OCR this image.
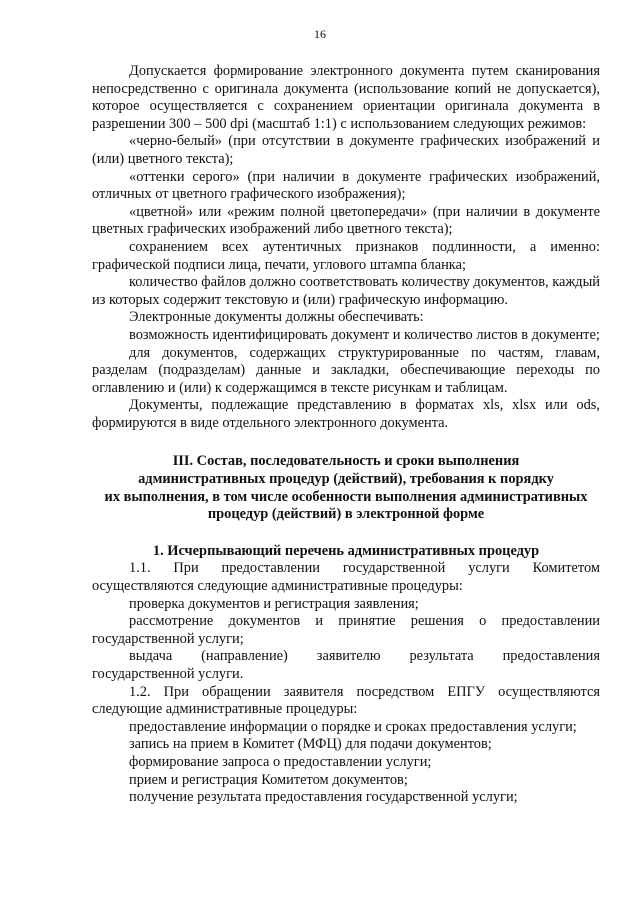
16

Допускается формирование электронного документа путем сканирования непосредственно с оригинала документа (использование копий не допускается), которое осуществляется с сохранением ориентации оригинала документа в разрешении 300 – 500 dpi (масштаб 1:1) с использованием следующих режимов:

«черно-белый» (при отсутствии в документе графических изображений и (или) цветного текста);

«оттенки серого» (при наличии в документе графических изображений, отличных от цветного графического изображения);

«цветной» или «режим полной цветопередачи» (при наличии в документе цветных графических изображений либо цветного текста);

сохранением всех аутентичных признаков подлинности, а именно: графической подписи лица, печати, углового штампа бланка;

количество файлов должно соответствовать количеству документов, каждый из которых содержит текстовую и (или) графическую информацию.

Электронные документы должны обеспечивать:

возможность идентифицировать документ и количество листов в документе;

для документов, содержащих структурированные по частям, главам, разделам (подразделам) данные и закладки, обеспечивающие переходы по оглавлению и (или) к содержащимся в тексте рисункам и таблицам.

Документы, подлежащие представлению в форматах xls, xlsx или ods, формируются в виде отдельного электронного документа.

III. Состав, последовательность и сроки выполнения
административных процедур (действий), требования к порядку
их выполнения, в том числе особенности выполнения административных
процедур (действий) в электронной форме
1. Исчерпывающий перечень административных процедур

1.1. При предоставлении государственной услуги Комитетом осуществляются следующие административные процедуры:

проверка документов и регистрация заявления;

рассмотрение документов и принятие решения о предоставлении государственной услуги;

выдача (направление) заявителю результата предоставления государственной услуги.

1.2. При обращении заявителя посредством ЕПГУ осуществляются следующие административные процедуры:

предоставление информации о порядке и сроках предоставления услуги;

запись на прием в Комитет (МФЦ) для подачи документов;

формирование запроса о предоставлении услуги;

прием и регистрация Комитетом документов;

получение результата предоставления государственной услуги;
